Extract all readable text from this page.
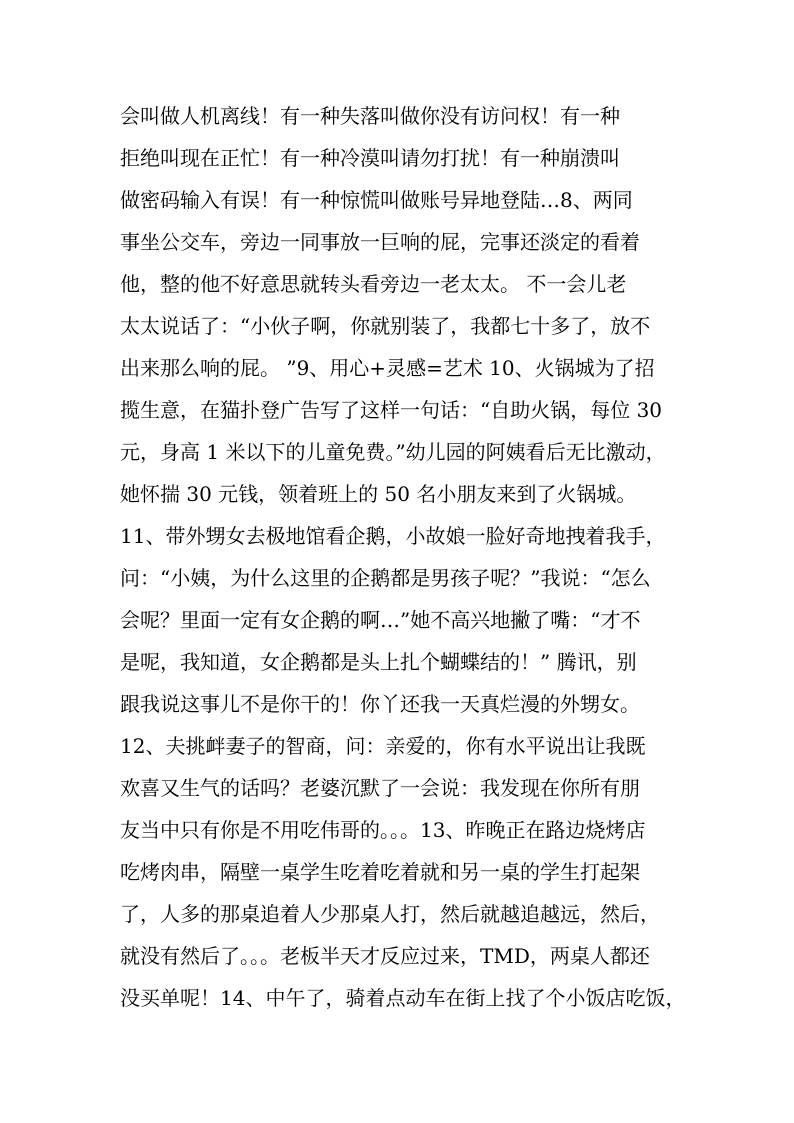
会叫做人机离线！有一种失落叫做你没有访问权！有一种
拒绝叫现在正忙！有一种冷漠叫请勿打扰！有一种崩溃叫
做密码输入有误！有一种惊慌叫做账号异地登陆…8、两同
事坐公交车，旁边一同事放一巨响的屁，完事还淡定的看着
他，整的他不好意思就转头看旁边一老太太。 不一会儿老
太太说话了：“小伙子啊，你就别装了，我都七十多了，放不
出来那么响的屁。 ”9、用心+灵感=艺术 10、火锅城为了招
揽生意，在猫扑登广告写了这样一句话：“自助火锅，每位 30
元，身高 1 米以下的儿童免费。”幼儿园的阿姨看后无比激动，
她怀揣 30 元钱，领着班上的 50 名小朋友来到了火锅城。
11、带外甥女去极地馆看企鹅，小故娘一脸好奇地拽着我手，
问：“小姨，为什么这里的企鹅都是男孩子呢？”我说：“怎么
会呢？里面一定有女企鹅的啊…”她不高兴地撇了嘴：“才不
是呢，我知道，女企鹅都是头上扎个蝴蝶结的！” 腾讯，别
跟我说这事儿不是你干的！你丫还我一天真烂漫的外甥女。
12、夫挑衅妻子的智商，问：亲爱的，你有水平说出让我既
欢喜又生气的话吗？老婆沉默了一会说：我发现在你所有朋
友当中只有你是不用吃伟哥的。。。13、昨晚正在路边烧烤店
吃烤肉串，隔壁一桌学生吃着吃着就和另一桌的学生打起架
了，人多的那桌追着人少那桌人打，然后就越追越远，然后，
就没有然后了。。。老板半天才反应过来，TMD，两桌人都还
没买单呢！14、中午了，骑着点动车在街上找了个小饭店吃饭，
